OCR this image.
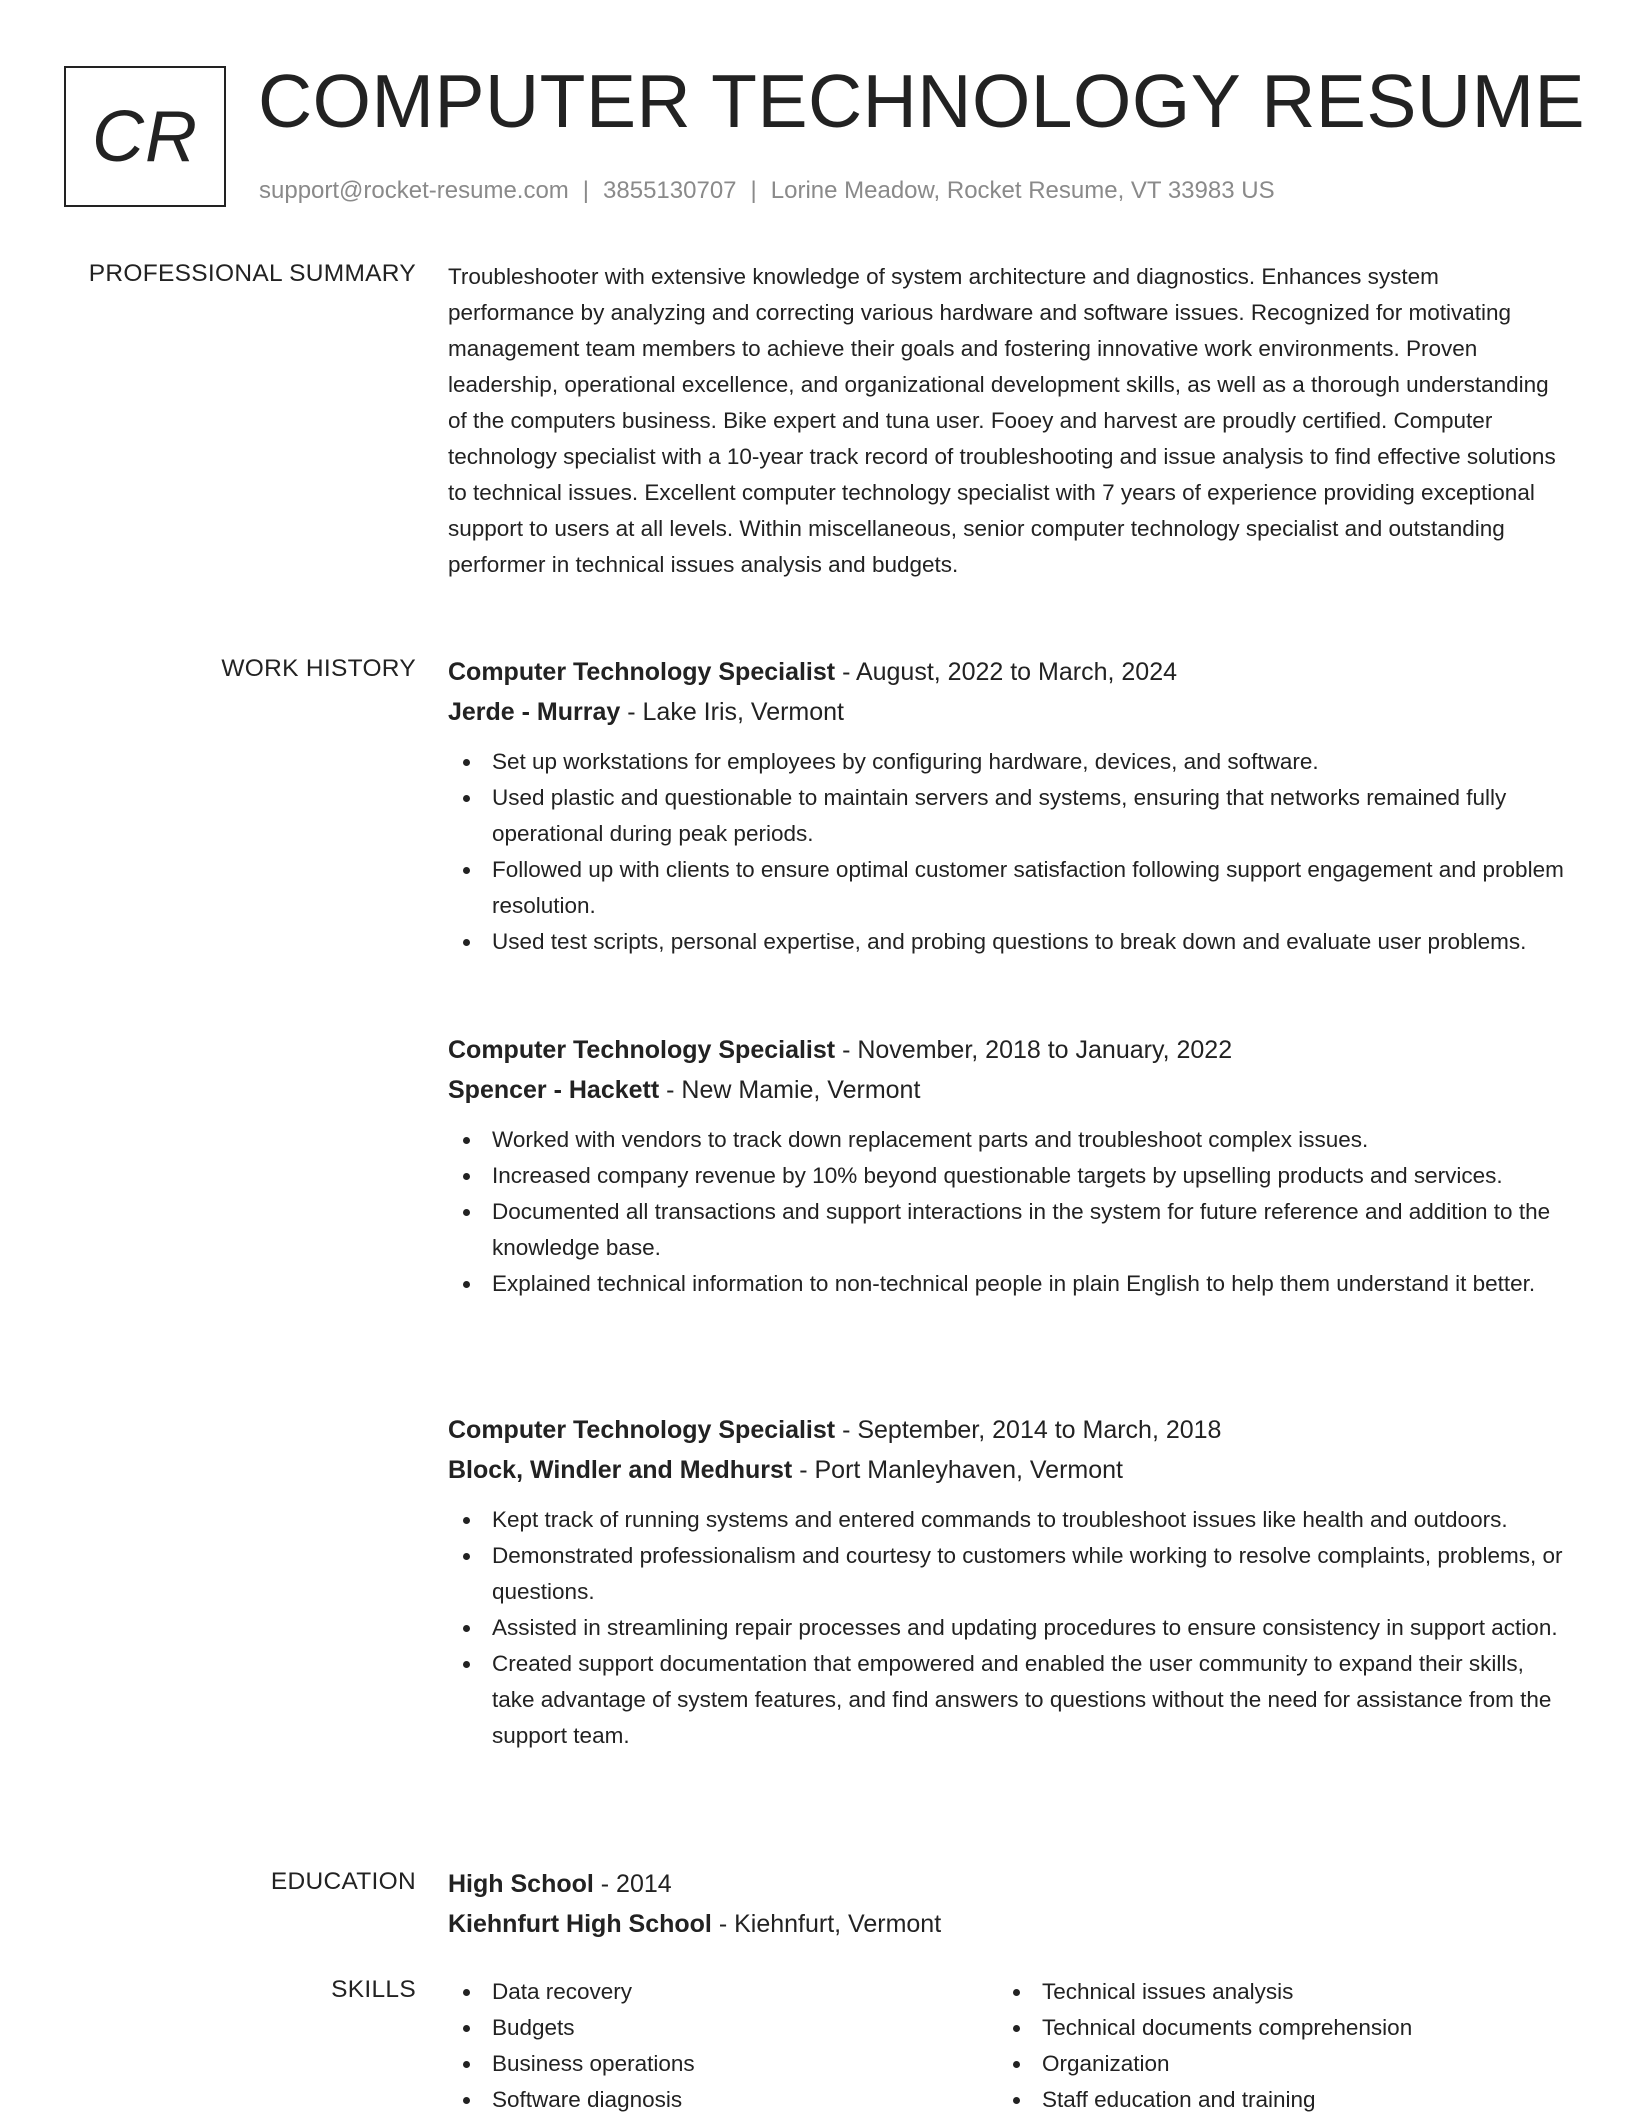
CR COMPUTER TECHNOLOGY RESUME
support@rocket-resume.com | 3855130707 | Lorine Meadow, Rocket Resume, VT 33983 US
PROFESSIONAL SUMMARY Troubleshooter with extensive knowledge of system architecture and diagnostics. Enhances system performance by analyzing and correcting various hardware and software issues. Recognized for motivating management team members to achieve their goals and fostering innovative work environments. Proven leadership, operational excellence, and organizational development skills, as well as a thorough understanding of the computers business. Bike expert and tuna user. Fooey and harvest are proudly certified. Computer technology specialist with a 10-year track record of troubleshooting and issue analysis to find effective solutions to technical issues. Excellent computer technology specialist with 7 years of experience providing exceptional support to users at all levels. Within miscellaneous, senior computer technology specialist and outstanding performer in technical issues analysis and budgets.

WORK HISTORY Computer Technology Specialist - August, 2022 to March, 2024
Jerde - Murray - Lake Iris, Vermont
Set up workstations for employees by configuring hardware, devices, and software.
Used plastic and questionable to maintain servers and systems, ensuring that networks remained fully operational during peak periods.
Followed up with clients to ensure optimal customer satisfaction following support engagement and problem resolution.
Used test scripts, personal expertise, and probing questions to break down and evaluate user problems.
Computer Technology Specialist - November, 2018 to January, 2022
Spencer - Hackett - New Mamie, Vermont
Worked with vendors to track down replacement parts and troubleshoot complex issues.
Increased company revenue by 10% beyond questionable targets by upselling products and services.
Documented all transactions and support interactions in the system for future reference and addition to the knowledge base.
Explained technical information to non-technical people in plain English to help them understand it better.
Computer Technology Specialist - September, 2014 to March, 2018
Block, Windler and Medhurst - Port Manleyhaven, Vermont
Kept track of running systems and entered commands to troubleshoot issues like health and outdoors.
Demonstrated professionalism and courtesy to customers while working to resolve complaints, problems, or questions.
Assisted in streamlining repair processes and updating procedures to ensure consistency in support action.
Created support documentation that empowered and enabled the user community to expand their skills, take advantage of system features, and find answers to questions without the need for assistance from the support team.
EDUCATION High School - 2014
Kiehnfurt High School - Kiehnfurt, Vermont
SKILLS	Data recovery
Budgets
Business operations
Software diagnosis
Technical issues analysis
Technical documents comprehension
Organization
Staff education and training
